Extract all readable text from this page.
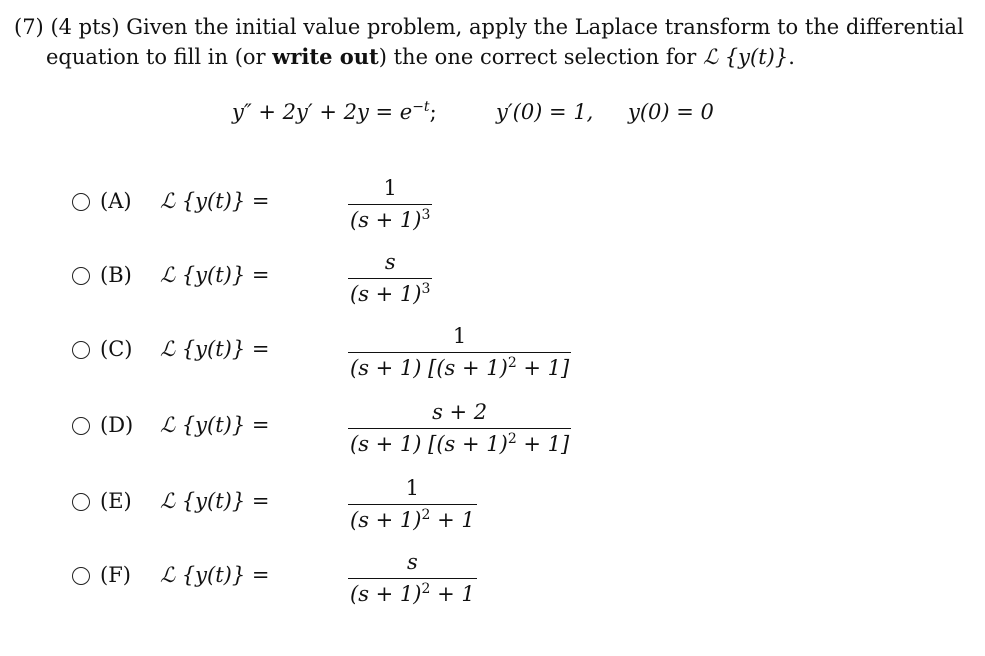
(7) (4 pts) Given the initial value problem, apply the Laplace transform to the differential
equation to fill in (or write out) the one correct selection for ℒ {y(t)}.
$y'' + 2y' + 2y = e^{-t}$;	y′(0) = 1, y(0) = 0
(A) ℒ {y(t)} =	$\frac{1}{(s + 1)^3}$
(B) ℒ {y(t)} =	$\frac{s}{(s + 1)^3}$
(C) ℒ {y(t)} =	$\frac{1}{(s + 1) [(s + 1)^2 + 1]}$
(D) ℒ {y(t)} =	$\frac{s + 2}{(s + 1) [(s + 1)^2 + 1]}$
(E) ℒ {y(t)} =	$\frac{1}{(s + 1)^2 + 1}$
(F) ℒ {y(t)} =	$\frac{s}{(s + 1)^2 + 1}$
